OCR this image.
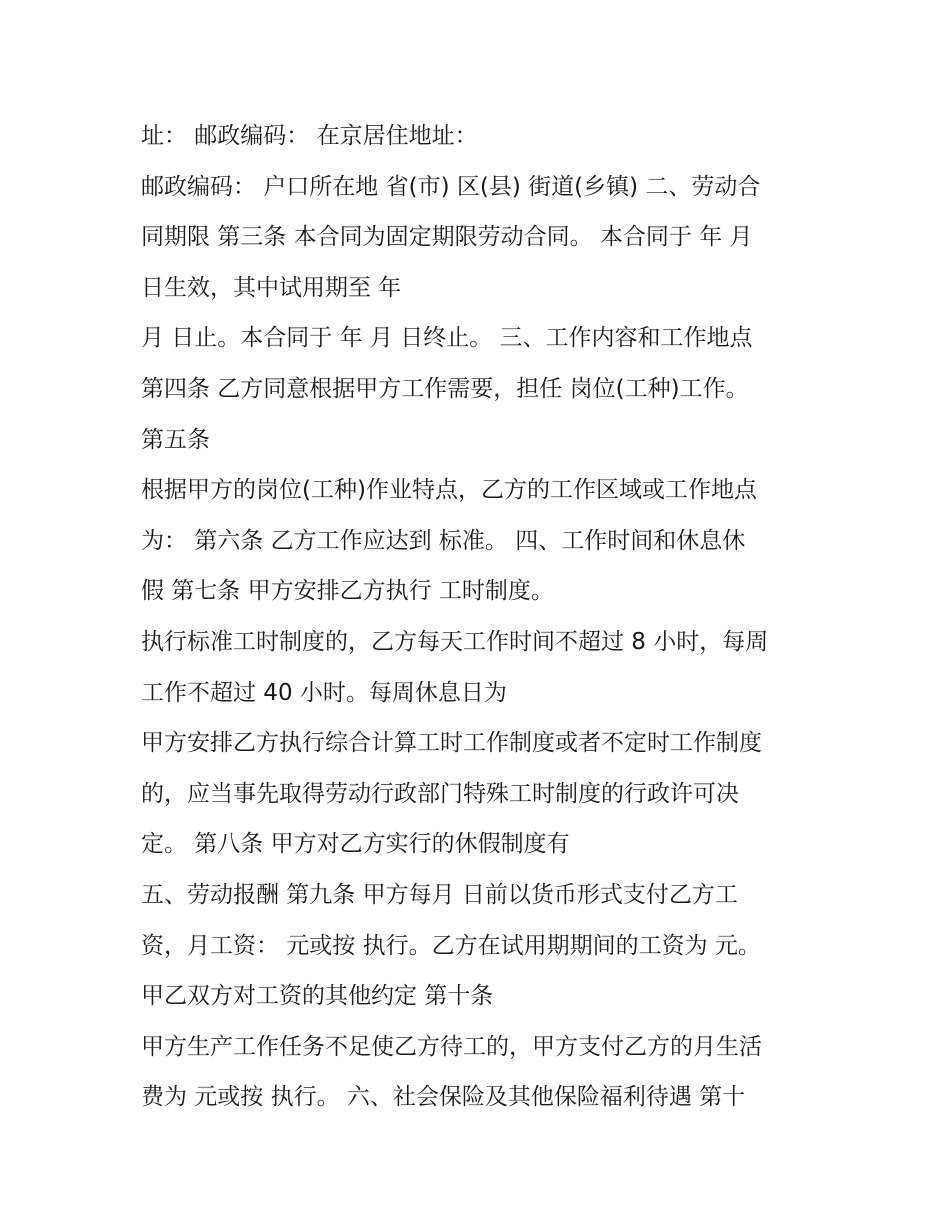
址： 邮政编码： 在京居住地址：
邮政编码： 户口所在地 省(市) 区(县) 街道(乡镇) 二、劳动合
同期限 第三条 本合同为固定期限劳动合同。 本合同于 年 月
日生效，其中试用期至 年
月 日止。本合同于 年 月 日终止。 三、工作内容和工作地点
第四条 乙方同意根据甲方工作需要，担任 岗位(工种)工作。
第五条
根据甲方的岗位(工种)作业特点，乙方的工作区域或工作地点
为： 第六条 乙方工作应达到 标准。 四、工作时间和休息休
假 第七条 甲方安排乙方执行 工时制度。
执行标准工时制度的，乙方每天工作时间不超过 8 小时，每周
工作不超过 40 小时。每周休息日为
甲方安排乙方执行综合计算工时工作制度或者不定时工作制度
的，应当事先取得劳动行政部门特殊工时制度的行政许可决
定。 第八条 甲方对乙方实行的休假制度有
五、劳动报酬 第九条 甲方每月 日前以货币形式支付乙方工
资，月工资： 元或按 执行。乙方在试用期期间的工资为 元。
甲乙双方对工资的其他约定 第十条
甲方生产工作任务不足使乙方待工的，甲方支付乙方的月生活
费为 元或按 执行。 六、社会保险及其他保险福利待遇 第十
